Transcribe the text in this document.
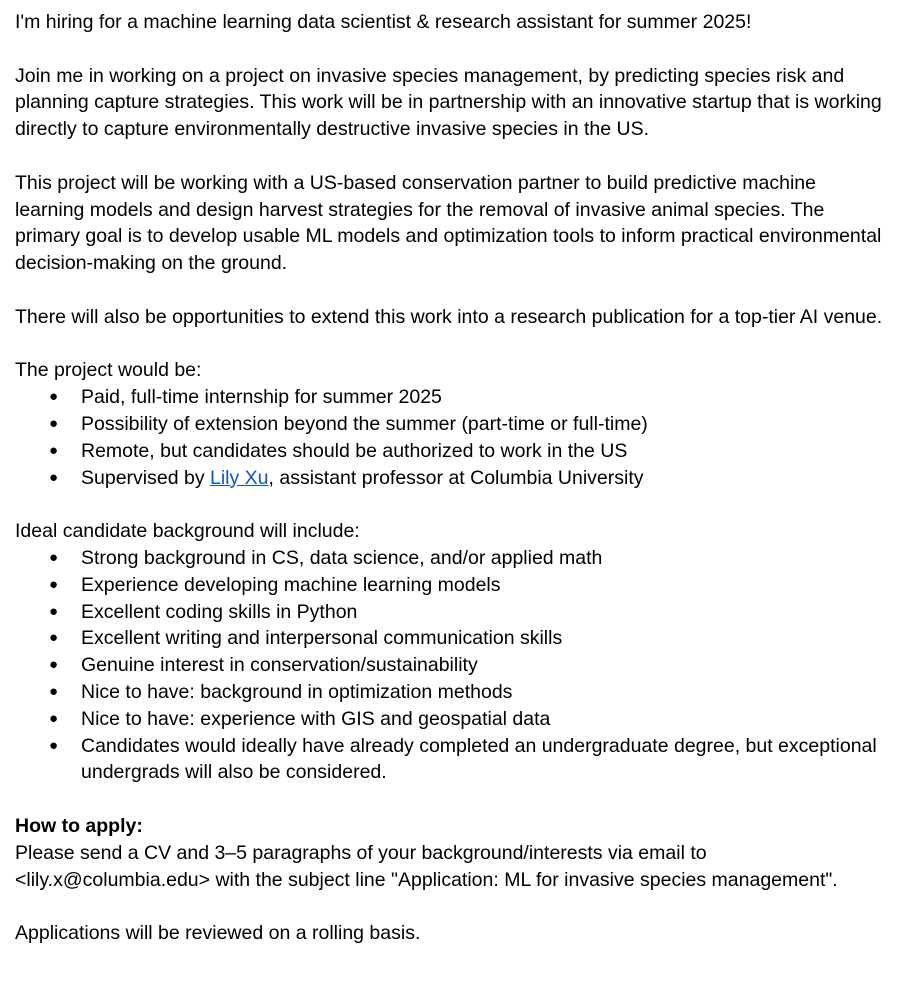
I'm hiring for a machine learning data scientist & research assistant for summer 2025!

Join me in working on a project on invasive species management, by predicting species risk and planning capture strategies. This work will be in partnership with an innovative startup that is working directly to capture environmentally destructive invasive species in the US.

This project will be working with a US-based conservation partner to build predictive machine learning models and design harvest strategies for the removal of invasive animal species. The primary goal is to develop usable ML models and optimization tools to inform practical environmental decision-making on the ground.

There will also be opportunities to extend this work into a research publication for a top-tier AI venue.

The project would be:

● Paid, full-time internship for summer 2025
● Possibility of extension beyond the summer (part-time or full-time)
● Remote, but candidates should be authorized to work in the US
● Supervised by Lily Xu, assistant professor at Columbia University

Ideal candidate background will include:

● Strong background in CS, data science, and/or applied math
● Experience developing machine learning models
● Excellent coding skills in Python
● Excellent writing and interpersonal communication skills
● Genuine interest in conservation/sustainability
● Nice to have: background in optimization methods
● Nice to have: experience with GIS and geospatial data
● Candidates would ideally have already completed an undergraduate degree, but exceptional undergrads will also be considered.

How to apply:

Please send a CV and 3–5 paragraphs of your background/interests via email to

<lily.x@columbia.edu> with the subject line "Application: ML for invasive species management".

Applications will be reviewed on a rolling basis.
